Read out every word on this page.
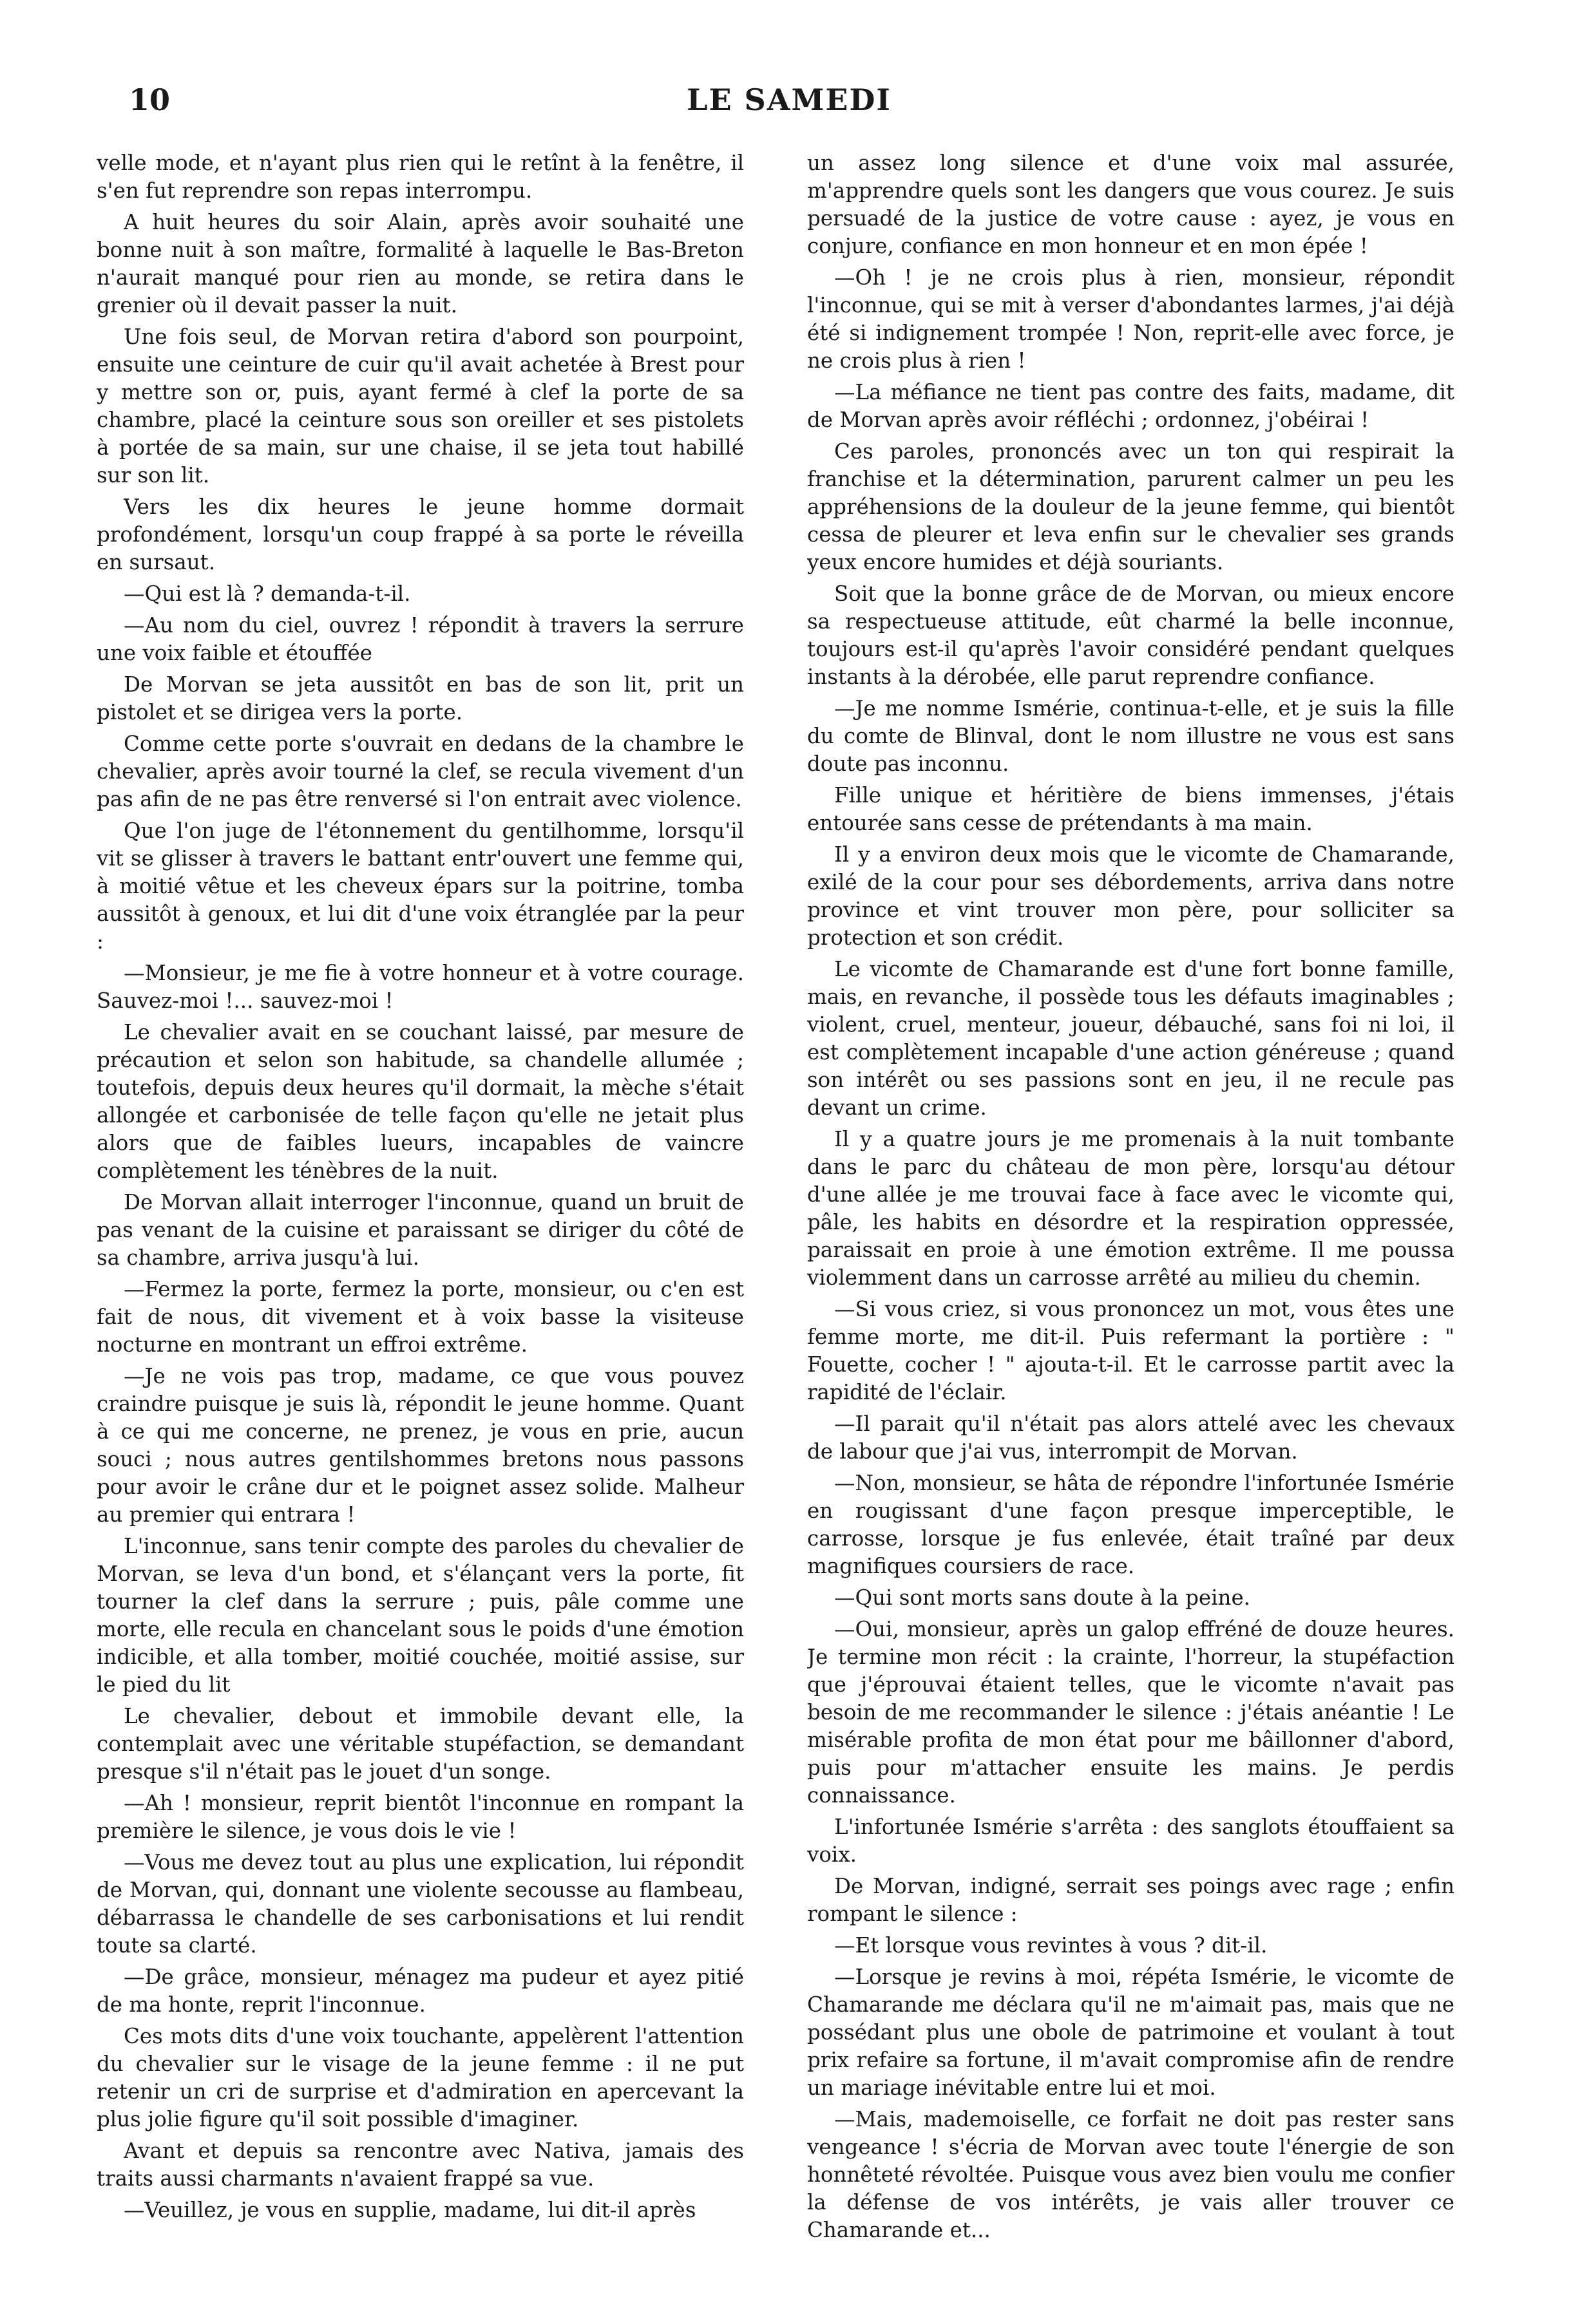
10	LE SAMEDI

velle mode, et n'ayant plus rien qui le retînt à la fenêtre, il s'en fut reprendre son repas interrompu.

A huit heures du soir Alain, après avoir souhaité une bonne nuit à son maître, formalité à laquelle le Bas-Breton n'aurait manqué pour rien au monde, se retira dans le grenier où il devait passer la nuit.

Une fois seul, de Morvan retira d'abord son pourpoint, ensuite une ceinture de cuir qu'il avait achetée à Brest pour y mettre son or, puis, ayant fermé à clef la porte de sa chambre, placé la ceinture sous son oreiller et ses pistolets à portée de sa main, sur une chaise, il se jeta tout habillé sur son lit.

Vers les dix heures le jeune homme dormait profondément, lorsqu'un coup frappé à sa porte le réveilla en sursaut.

—Qui est là ? demanda-t-il.

—Au nom du ciel, ouvrez ! répondit à travers la serrure une voix faible et étouffée

De Morvan se jeta aussitôt en bas de son lit, prit un pistolet et se dirigea vers la porte.

Comme cette porte s'ouvrait en dedans de la chambre le chevalier, après avoir tourné la clef, se recula vivement d'un pas afin de ne pas être renversé si l'on entrait avec violence.

Que l'on juge de l'étonnement du gentilhomme, lorsqu'il vit se glisser à travers le battant entr'ouvert une femme qui, à moitié vêtue et les cheveux épars sur la poitrine, tomba aussitôt à genoux, et lui dit d'une voix étranglée par la peur :

—Monsieur, je me fie à votre honneur et à votre courage. Sauvez-moi !... sauvez-moi !

Le chevalier avait en se couchant laissé, par mesure de précaution et selon son habitude, sa chandelle allumée ; toutefois, depuis deux heures qu'il dormait, la mèche s'était allongée et carbonisée de telle façon qu'elle ne jetait plus alors que de faibles lueurs, incapables de vaincre complètement les ténèbres de la nuit.

De Morvan allait interroger l'inconnue, quand un bruit de pas venant de la cuisine et paraissant se diriger du côté de sa chambre, arriva jusqu'à lui.

—Fermez la porte, fermez la porte, monsieur, ou c'en est fait de nous, dit vivement et à voix basse la visiteuse nocturne en montrant un effroi extrême.

—Je ne vois pas trop, madame, ce que vous pouvez craindre puisque je suis là, répondit le jeune homme. Quant à ce qui me concerne, ne prenez, je vous en prie, aucun souci ; nous autres gentilshommes bretons nous passons pour avoir le crâne dur et le poignet assez solide. Malheur au premier qui entrara !

L'inconnue, sans tenir compte des paroles du chevalier de Morvan, se leva d'un bond, et s'élançant vers la porte, fit tourner la clef dans la serrure ; puis, pâle comme une morte, elle recula en chancelant sous le poids d'une émotion indicible, et alla tomber, moitié couchée, moitié assise, sur le pied du lit

Le chevalier, debout et immobile devant elle, la contemplait avec une véritable stupéfaction, se demandant presque s'il n'était pas le jouet d'un songe.

—Ah ! monsieur, reprit bientôt l'inconnue en rompant la première le silence, je vous dois le vie !

—Vous me devez tout au plus une explication, lui répondit de Morvan, qui, donnant une violente secousse au flambeau, débarrassa le chandelle de ses carbonisations et lui rendit toute sa clarté.

—De grâce, monsieur, ménagez ma pudeur et ayez pitié de ma honte, reprit l'inconnue.

Ces mots dits d'une voix touchante, appelèrent l'attention du chevalier sur le visage de la jeune femme : il ne put retenir un cri de surprise et d'admiration en apercevant la plus jolie figure qu'il soit possible d'imaginer.

Avant et depuis sa rencontre avec Nativa, jamais des traits aussi charmants n'avaient frappé sa vue.

—Veuillez, je vous en supplie, madame, lui dit-il après

un assez long silence et d'une voix mal assurée, m'apprendre quels sont les dangers que vous courez. Je suis persuadé de la justice de votre cause : ayez, je vous en conjure, confiance en mon honneur et en mon épée !

—Oh ! je ne crois plus à rien, monsieur, répondit l'inconnue, qui se mit à verser d'abondantes larmes, j'ai déjà été si indignement trompée ! Non, reprit-elle avec force, je ne crois plus à rien !

—La méfiance ne tient pas contre des faits, madame, dit de Morvan après avoir réfléchi ; ordonnez, j'obéirai !

Ces paroles, prononcés avec un ton qui respirait la franchise et la détermination, parurent calmer un peu les appréhensions de la douleur de la jeune femme, qui bientôt cessa de pleurer et leva enfin sur le chevalier ses grands yeux encore humides et déjà souriants.

Soit que la bonne grâce de de Morvan, ou mieux encore sa respectueuse attitude, eût charmé la belle inconnue, toujours est-il qu'après l'avoir considéré pendant quelques instants à la dérobée, elle parut reprendre confiance.

—Je me nomme Ismérie, continua-t-elle, et je suis la fille du comte de Blinval, dont le nom illustre ne vous est sans doute pas inconnu.

Fille unique et héritière de biens immenses, j'étais entourée sans cesse de prétendants à ma main.

Il y a environ deux mois que le vicomte de Chamarande, exilé de la cour pour ses débordements, arriva dans notre province et vint trouver mon père, pour solliciter sa protection et son crédit.

Le vicomte de Chamarande est d'une fort bonne famille, mais, en revanche, il possède tous les défauts imaginables ; violent, cruel, menteur, joueur, débauché, sans foi ni loi, il est complètement incapable d'une action généreuse ; quand son intérêt ou ses passions sont en jeu, il ne recule pas devant un crime.

Il y a quatre jours je me promenais à la nuit tombante dans le parc du château de mon père, lorsqu'au détour d'une allée je me trouvai face à face avec le vicomte qui, pâle, les habits en désordre et la respiration oppressée, paraissait en proie à une émotion extrême. Il me poussa violemment dans un carrosse arrêté au milieu du chemin.

—Si vous criez, si vous prononcez un mot, vous êtes une femme morte, me dit-il. Puis refermant la portière : " Fouette, cocher ! " ajouta-t-il. Et le carrosse partit avec la rapidité de l'éclair.

—Il parait qu'il n'était pas alors attelé avec les chevaux de labour que j'ai vus, interrompit de Morvan.

—Non, monsieur, se hâta de répondre l'infortunée Ismérie en rougissant d'une façon presque imperceptible, le carrosse, lorsque je fus enlevée, était traîné par deux magnifiques coursiers de race.

—Qui sont morts sans doute à la peine.

—Oui, monsieur, après un galop effréné de douze heures. Je termine mon récit : la crainte, l'horreur, la stupéfaction que j'éprouvai étaient telles, que le vicomte n'avait pas besoin de me recommander le silence : j'étais anéantie ! Le misérable profita de mon état pour me bâillonner d'abord, puis pour m'attacher ensuite les mains. Je perdis connaissance.

L'infortunée Ismérie s'arrêta : des sanglots étouffaient sa voix.

De Morvan, indigné, serrait ses poings avec rage ; enfin rompant le silence :

—Et lorsque vous revintes à vous ? dit-il.

—Lorsque je revins à moi, répéta Ismérie, le vicomte de Chamarande me déclara qu'il ne m'aimait pas, mais que ne possédant plus une obole de patrimoine et voulant à tout prix refaire sa fortune, il m'avait compromise afin de rendre un mariage inévitable entre lui et moi.

—Mais, mademoiselle, ce forfait ne doit pas rester sans vengeance ! s'écria de Morvan avec toute l'énergie de son honnêteté révoltée. Puisque vous avez bien voulu me confier la défense de vos intérêts, je vais aller trouver ce Chamarande et...
